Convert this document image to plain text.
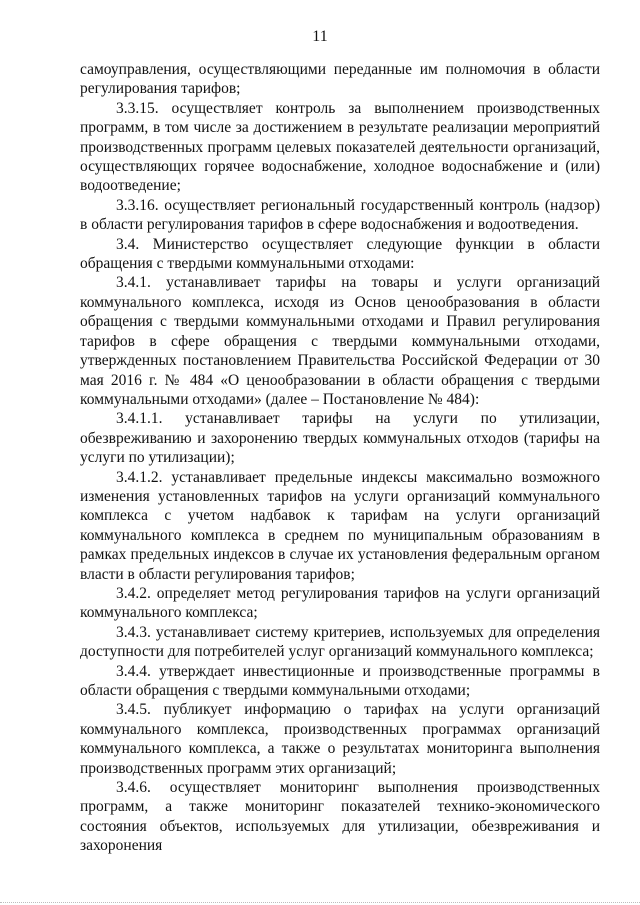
11

самоуправления, осуществляющими переданные им полномочия в области регулирования тарифов;

3.3.15. осуществляет контроль за выполнением производственных программ, в том числе за достижением в результате реализации мероприятий производственных программ целевых показателей деятельности организаций, осуществляющих горячее водоснабжение, холодное водоснабжение и (или) водоотведение;

3.3.16. осуществляет региональный государственный контроль (надзор) в области регулирования тарифов в сфере водоснабжения и водоотведения.

3.4. Министерство осуществляет следующие функции в области обращения с твердыми коммунальными отходами:

3.4.1. устанавливает тарифы на товары и услуги организаций коммунального комплекса, исходя из Основ ценообразования в области обращения с твердыми коммунальными отходами и Правил регулирования тарифов в сфере обращения с твердыми коммунальными отходами, утвержденных постановлением Правительства Российской Федерации от 30 мая 2016 г. № 484 «О ценообразовании в области обращения с твердыми коммунальными отходами» (далее – Постановление № 484):

3.4.1.1. устанавливает тарифы на услуги по утилизации, обезвреживанию и захоронению твердых коммунальных отходов (тарифы на услуги по утилизации);

3.4.1.2. устанавливает предельные индексы максимально возможного изменения установленных тарифов на услуги организаций коммунального комплекса с учетом надбавок к тарифам на услуги организаций коммунального комплекса в среднем по муниципальным образованиям в рамках предельных индексов в случае их установления федеральным органом власти в области регулирования тарифов;

3.4.2. определяет метод регулирования тарифов на услуги организаций коммунального комплекса;

3.4.3. устанавливает систему критериев, используемых для определения доступности для потребителей услуг организаций коммунального комплекса;

3.4.4. утверждает инвестиционные и производственные программы в области обращения с твердыми коммунальными отходами;

3.4.5. публикует информацию о тарифах на услуги организаций коммунального комплекса, производственных программах организаций коммунального комплекса, а также о результатах мониторинга выполнения производственных программ этих организаций;

3.4.6. осуществляет мониторинг выполнения производственных программ, а также мониторинг показателей технико-экономического состояния объектов, используемых для утилизации, обезвреживания и захоронения
